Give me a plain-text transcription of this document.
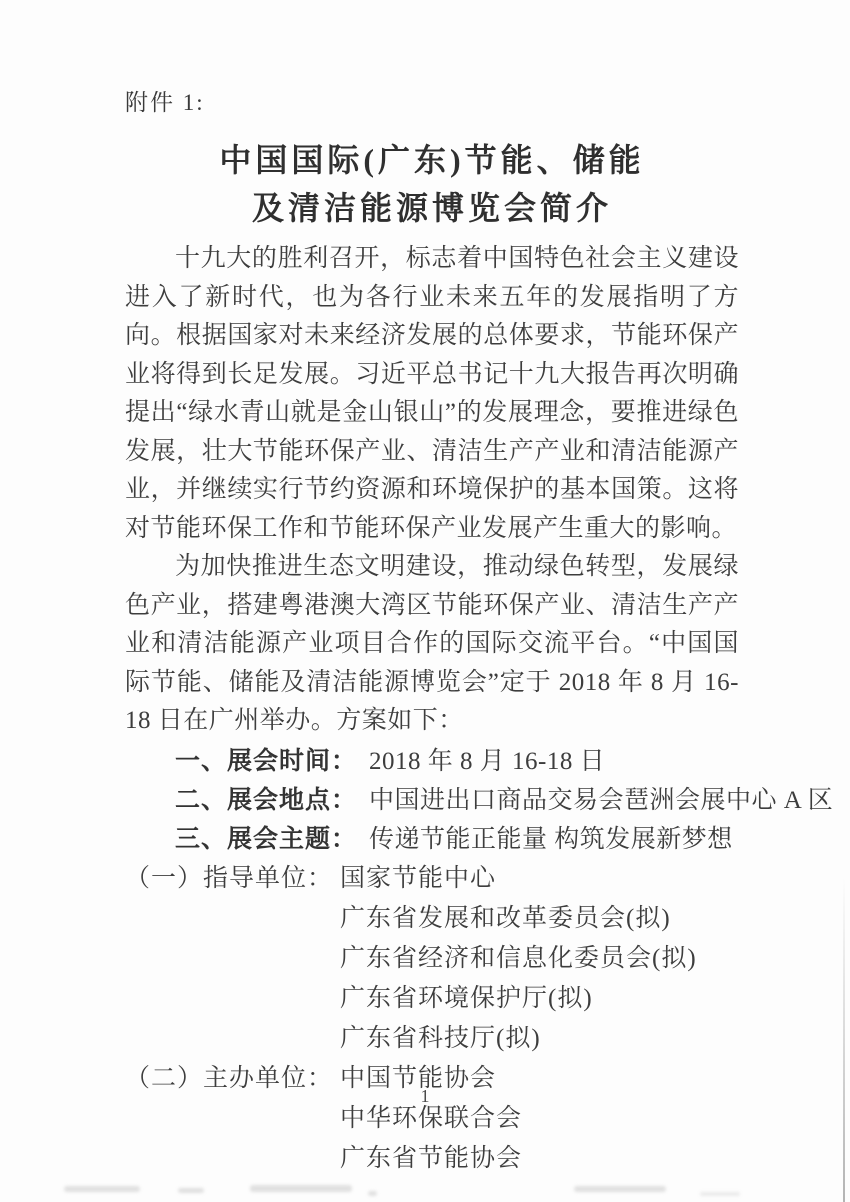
附件 1:
中国国际(广东)节能、储能
及清洁能源博览会简介

十九大的胜利召开，标志着中国特色社会主义建设进入了新时代，也为各行业未来五年的发展指明了方向。根据国家对未来经济发展的总体要求，节能环保产业将得到长足发展。习近平总书记十九大报告再次明确提出“绿水青山就是金山银山”的发展理念，要推进绿色发展，壮大节能环保产业、清洁生产产业和清洁能源产业，并继续实行节约资源和环境保护的基本国策。这将对节能环保工作和节能环保产业发展产生重大的影响。

为加快推进生态文明建设，推动绿色转型，发展绿色产业，搭建粤港澳大湾区节能环保产业、清洁生产产业和清洁能源产业项目合作的国际交流平台。“中国国际节能、储能及清洁能源博览会”定于 2018 年 8 月 16-18 日在广州举办。方案如下：

一、展会时间： 2018 年 8 月 16-18 日
二、展会地点： 中国进出口商品交易会琶洲会展中心 A 区
三、展会主题： 传递节能正能量 构筑发展新梦想
（一）指导单位： 国家节能中心
广东省发展和改革委员会(拟)
广东省经济和信息化委员会(拟)
广东省环境保护厅(拟)
广东省科技厅(拟)
（二）主办单位： 中国节能协会
中华环保联合会
广东省节能协会
1
